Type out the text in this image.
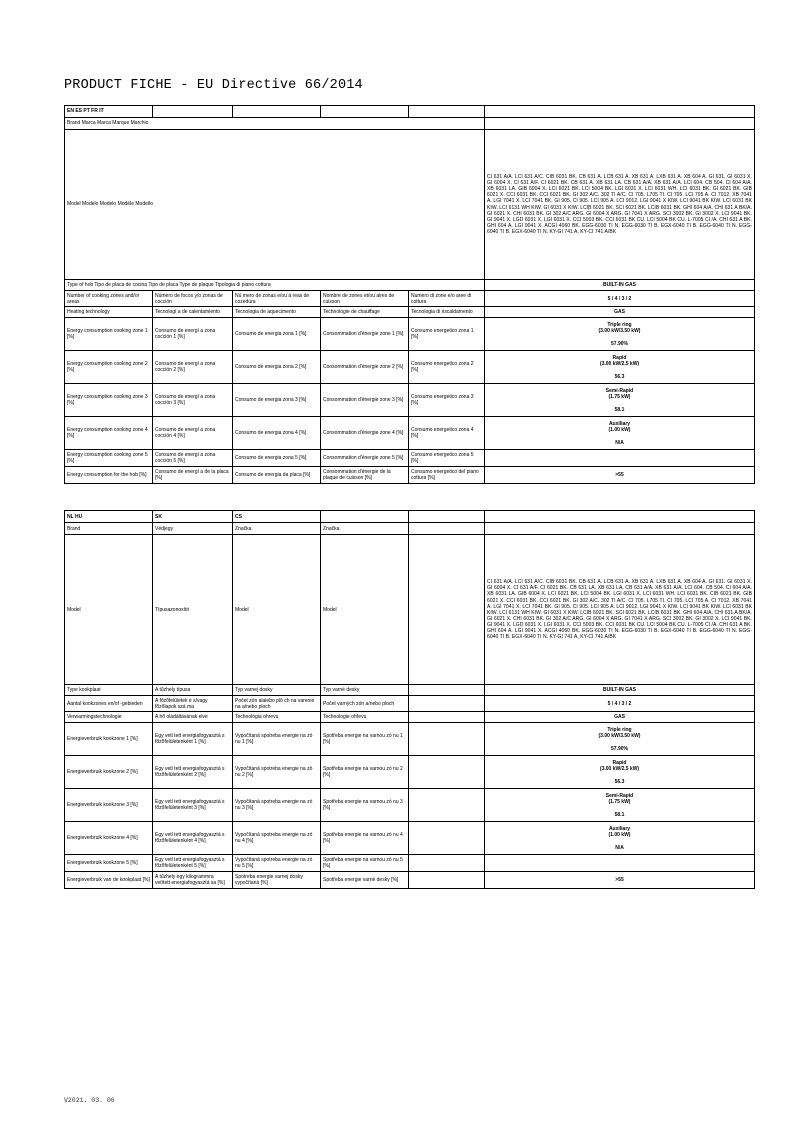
PRODUCT FICHE - EU Directive 66/2014
EN ES PT FR IT					
Brand Marca Marca Marque Marchio					
Model Modelo Modelo Modèle Modello					CI 631 A/A. LCI 631 A/C. CIB 6031 BK. CB 631 A. LCB 631 A. XB 631 A. LXB 631 A. XB 604 A. GI 631. GI 6031 X. GI 6004 X. CI 631 A/F. CI 6021 BK. CB 631 A. XB 631 LA. CB 631 A/A. XB 631 A/A. LCI 604. CB 504. CI 604 A/A. XB 6031 LA. GIB 6004 X. LCI 6021 BK. LCI 5004 BK. LGI 6031 X. LCI 6031 WH. LCI 6031 BK. GI 6021 BK. GIB 6021 X. CCI 6031 BK. CCI 6021 BK. GI 302 A/C. 302 TI A/C. CI 705. L705 TI. CI 705. LCI 705 A. CI 7012. XB 7041 A. LGI 7041 X. LCI 7041 BK. GI 905. CI 905. LCI 905 A. LCI 9012. LGI 9041 X KIW. LCI 9041 BK KIW. LCI 6031 BK KIW. LCI 6131 WH KIW. GI 6031 X KIW. LCIB 6021 BK. SCI 6021 BK. LCIB 6031 BK. GHI 604 A/A. CHI 631 A BK/A. GI 6021 X. CHI 6031 BK. GI 302 A/C ARG. GI 6004 X ARG. GI 7041 X ARG. SCI 3002 BK. GI 3002 X. LCI 9041 BK. GI 9041 X. LGD 6031 X. LGI 6031 X. CCI 5003 BK. CCI 6031 BK CU. LCI 5004 BK CU. L-7005 CI /A. CHI 631 A BK. GHI 604 A. LGI 9041 X. ACGI 4060 BK. EGG-6030 TI N. EGG-6030 TI B. EGX-6040 TI B. EGG-6040 TI N. EGG-6040 TI B. EGX-6040 TI N. KY-GI 741 A, KY-CI 741 A/BK
Type of hob Tipo de placa de cocina Tipo de placa Type de plaque Tipologia di piano cottura					BUILT-IN GAS
Number of cooking zones and/or areas	Número de focos y/o zonas de cocción	Nú mero de zonas e/ou á reas de cozedura	Nombre de zones et/ou aires de cuisson	Numero di zone e/o aree di cottura	5 / 4 / 3 / 2
Heating technology	Tecnologí a de calentamiento	Tecnologia de aquecimento	Technologie de chauffage	Tecnologia di riscaldamento	GAS
Energy consumption cooking zone 1 [%]	Consumo de energí a zona cocción 1 [%]	Consumo de energia zona 1 [%]	Consommation d'énergie zone 1 [%]	Consumo energetico zona 1 [%]	Triple ring
(3.00 kW/3.50 kW)
57.90%

Energy consumption cooking zone 2 [%]	Consumo de energí a zona cocción 2 [%]	Consumo de energia zona 2 [%]	Consommation d'énergie zone 2 [%]	Consumo energetico zona 2 [%]	Rapid
(3.00 kW/2.5 kW)
56.3

Energy consumption cooking zone 3 [%]	Consumo de energí a zona cocción 3 [%]	Consumo de energia zona 3 [%]	Consommation d'énergie zone 3 [%]	Consumo energetico zona 3 [%]	Semi-Rapid
(1.75 kW)
58.1

Energy consumption cooking zone 4 [%]	Consumo de energí a zona cocción 4 [%]	Consumo de energia zona 4 [%]	Consommation d'énergie zone 4 [%]	Consumo energetico zona 4 [%]	Auxiliary
(1.00 kW)
N/A

Energy consumption cooking zone 5 [%]	Consumo de energí a zona cocción 5 [%]	Consumo de energia zona 5 [%]	Consommation d'énergie zone 5 [%]	Consumo energetico zona 5 [%]	
Energy consumption for the hob [%]	Consumo de energí a de la placa [%]	Consumo de energia da placa [%]	Consommation d'énergie de la plaque de cuisson [%]	Consumo energetico del piano cottura [%]	>55
NL HU	SK	CS			
Brand	Védjegy	Značka	Značka		
Model	Típusazonosító	Model	Model		CI 631 A/A. LCI 631 A/C. CIB 6031 BK. CB 631 A. LCB 631 A. XB 631 A. LXB 631 A. XB 604 A. GI 631. GI 6031 X. GI 6004 X. CI 631 A/F. CI 6021 BK. CB 631 LA. XB 631 LA. CB 631 A/A. XB 631 A/A. LCI 604. CB 504. CI 604 A/A. XB 6031 LA. GIB 6004 X. LCI 6021 BK. LCI 5004 BK. LGI 6031 X. LCI 6031 WH. LCI 6031 BK. CIB 6021 BK. GIB 6021 X. CCI 6031 BK. CCI 6021 BK. GI 302 A/C. 302 TI A/C. CI 705. L705 TI. CI 705. LCI 705 A. CI 7012. XB 7041 A. LGI 7041 X. LCI 7041 BK. GI 905. CI 905. LCI 905 A. LCI 9012. LGI 9041 X KIW. LCI 9041 BK KIW. LCI 6031 BK KIW. LCI 6131 WH KIW. GI 6031 X KIW. LCIB 6021 BK. SCI 6021 BK. LCIB 6031 BK. GHI 604 A/A. CHI 631 A BK/A. GI 6021 X. CHI 6031 BK. GI 302 A/C ARG. GI 6004 X ARG. GI 7041 X ARG. SCI 3002 BK. GI 3002 X. LCI 9041 BK. GI 9041 X. LGD 6031 X. LGI 6031 X. CCI 5003 BK. CCI 6031 BK CU. LCI 5004 BK CU. L-7005 CI /A. CHI 631 A BK. GHI 604 A. LGI 9041 X. ACGI 4060 BK. EGG-6030 TI N. EGG-6030 TI B. EGX-6040 TI B. EGG-6040 TI N. EGG-6040 TI B. EGX-6040 TI N. KY-GI 741 A, KY-CI 741 A/BK
Type kookplaat	A tűzhely típusa	Typ varnej dosky	Typ varné desky		BUILT-IN GAS
Aantal kookzones en/of -gebieden	A főzőfelületek é s/vagy főzőlapok szá ma	Počet zón alalebo plô ch na varenie na a/nebo ploch	Počet varných zón a/nebo ploch		5 / 4 / 3 / 2
Verwarmingstechnologie	A hő oládáltásának elve	Technológia ohrevu	Technologie ohřevu		GAS
Energieverbruik kookzone 1 [%]	Egy vetl tett energiafogyasztá s főzőfelületenként 1 [%]	Vypočítaná spotreba energie na zó nu 1 [%]	Spotřeba energie na varnou zó nu 1 [%]		Triple ring
(3.00 kW/3.50 kW)
57.90%

Energieverbruik kookzone 2 [%]	Egy vetl tett energiafogyasztá s főzőfelületenként 2 [%]	Vypočítaná spotreba energie na zó nu 2 [%]	Spotřeba energie na varnou zó nu 2 [%]		Rapid
(3.00 kW/2.5 kW)
56.3

Energieverbruik kookzone 3 [%]	Egy vetl tett energiafogyasztá s főzőfelületenként 3 [%]	Vypočítaná spotreba energie na zó nu 3 [%]	Spotřeba energie na varnou zó nu 3 [%]		Semi-Rapid
(1.75 kW)
58.1

Energieverbruik kookzone 4 [%]	Egy vetl tett energiafogyasztá s főzőfelületenként 4 [%]	Vypočítaná spotreba energie na zó nu 4 [%]	Spotřeba energie na varnou zó nu 4 [%]		Auxiliary
(1.00 kW)
N/A

Energieverbruik kookzone 5 [%]	Egy vetl tett energiafogyasztá s főzőfelületenként 5 [%]	Vypočítaná spotreba energie na zó nu 5 [%]	Spotřeba energie na varnou zó nu 5 [%]		
Energieverbruik van de kookplaat [%]	A tűzhely egy kilogrammra vetített energiafogyasztá sa [%]	Spotreba energie varnej dosky vypočítaná [%]	Spotřeba energie varné desky [%]		>55
V2021. 03. 06
